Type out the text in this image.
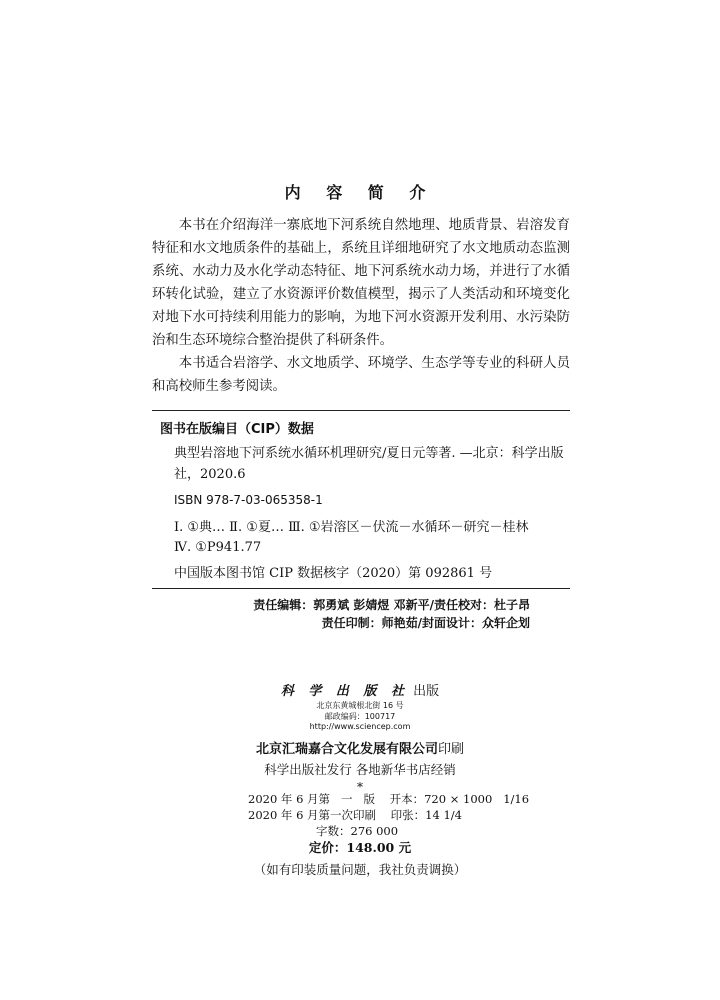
内 容 简 介

本书在介绍海洋一寨底地下河系统自然地理、地质背景、岩溶发育特征和水文地质条件的基础上，系统且详细地研究了水文地质动态监测系统、水动力及水化学动态特征、地下河系统水动力场，并进行了水循环转化试验，建立了水资源评价数值模型，揭示了人类活动和环境变化对地下水可持续利用能力的影响，为地下河水资源开发利用、水污染防治和生态环境综合整治提供了科研条件。

本书适合岩溶学、水文地质学、环境学、生态学等专业的科研人员和高校师生参考阅读。

图书在版编目（CIP）数据
典型岩溶地下河系统水循环机理研究/夏日元等著. —北京：科学出版
社，2020.6
ISBN 978-7-03-065358-1
Ⅰ. ①典… Ⅱ. ①夏… Ⅲ. ①岩溶区－伏流－水循环－研究－桂林
Ⅳ. ①P941.77
中国版本图书馆 CIP 数据核字（2020）第 092861 号
责任编辑：郭勇斌 彭婧煜 邓新平/责任校对：杜子昂
责任印制：师艳茹/封面设计：众轩企划
科 学 出 版 社 出版
北京东黄城根北街 16 号
邮政编码：100717
http://www.sciencep.com
北京汇瑞嘉合文化发展有限公司印刷
科学出版社发行 各地新华书店经销
*
2020 年 6 月第   一   版    开本：720 × 1000   1/16
2020 年 6 月第一次印刷    印张：14 1/4
字数：276 000
定价：148.00 元
（如有印装质量问题，我社负责调换）
